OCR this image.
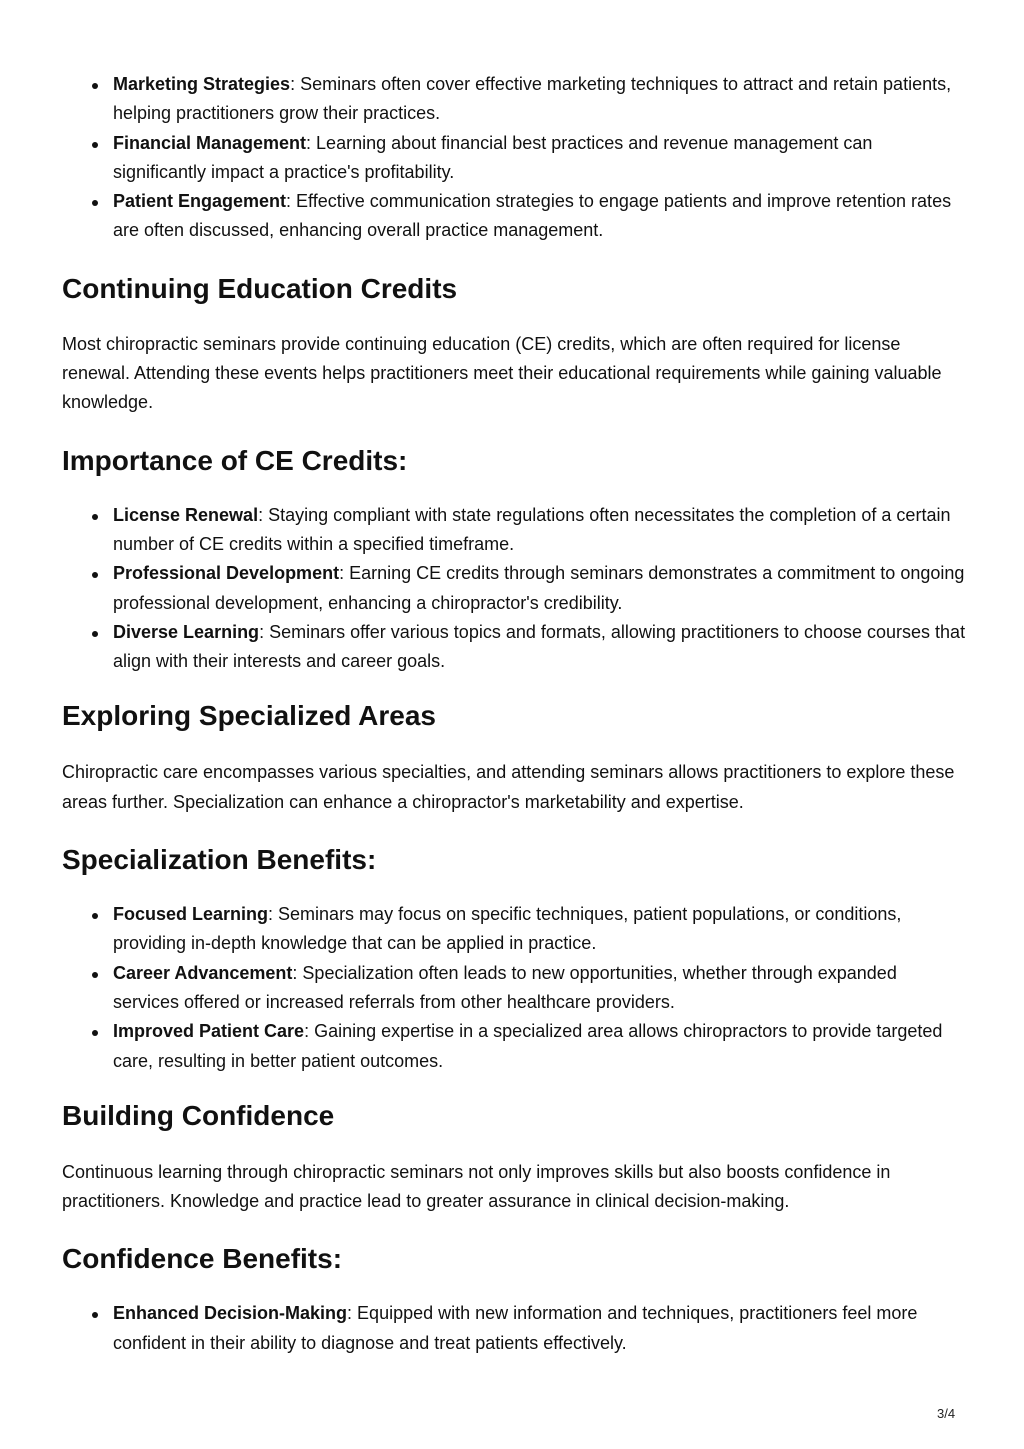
Marketing Strategies: Seminars often cover effective marketing techniques to attract and retain patients, helping practitioners grow their practices.
Financial Management: Learning about financial best practices and revenue management can significantly impact a practice's profitability.
Patient Engagement: Effective communication strategies to engage patients and improve retention rates are often discussed, enhancing overall practice management.
Continuing Education Credits

Most chiropractic seminars provide continuing education (CE) credits, which are often required for license renewal. Attending these events helps practitioners meet their educational requirements while gaining valuable knowledge.

Importance of CE Credits:
License Renewal: Staying compliant with state regulations often necessitates the completion of a certain number of CE credits within a specified timeframe.
Professional Development: Earning CE credits through seminars demonstrates a commitment to ongoing professional development, enhancing a chiropractor's credibility.
Diverse Learning: Seminars offer various topics and formats, allowing practitioners to choose courses that align with their interests and career goals.
Exploring Specialized Areas

Chiropractic care encompasses various specialties, and attending seminars allows practitioners to explore these areas further. Specialization can enhance a chiropractor's marketability and expertise.

Specialization Benefits:
Focused Learning: Seminars may focus on specific techniques, patient populations, or conditions, providing in-depth knowledge that can be applied in practice.
Career Advancement: Specialization often leads to new opportunities, whether through expanded services offered or increased referrals from other healthcare providers.
Improved Patient Care: Gaining expertise in a specialized area allows chiropractors to provide targeted care, resulting in better patient outcomes.
Building Confidence

Continuous learning through chiropractic seminars not only improves skills but also boosts confidence in practitioners. Knowledge and practice lead to greater assurance in clinical decision-making.

Confidence Benefits:
Enhanced Decision-Making: Equipped with new information and techniques, practitioners feel more confident in their ability to diagnose and treat patients effectively.
3/4
